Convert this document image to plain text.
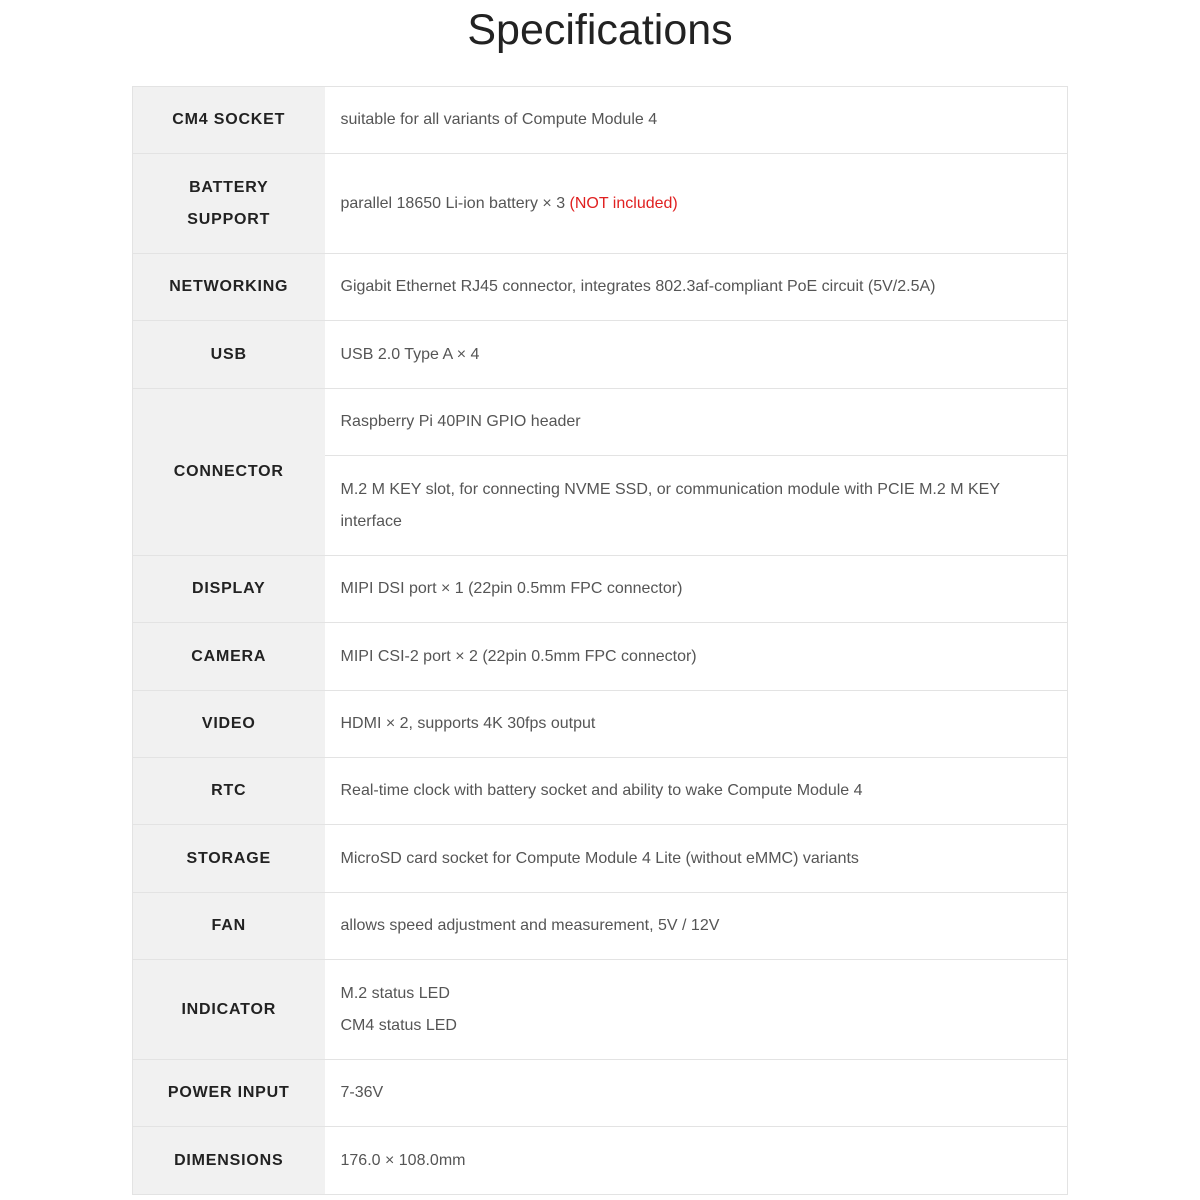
Specifications
CM4 SOCKET	suitable for all variants of Compute Module 4

BATTERY
SUPPORT	parallel 18650 Li-ion battery × 3 (NOT included)
NETWORKING	Gigabit Ethernet RJ45 connector, integrates 802.3af-compliant PoE circuit (5V/2.5A)
USB	USB 2.0 Type A × 4
CONNECTOR	Raspberry Pi 40PIN GPIO header
	M.2 M KEY slot, for connecting NVME SSD, or communication module with PCIE M.2 M KEY interface
DISPLAY	MIPI DSI port × 1 (22pin 0.5mm FPC connector)
CAMERA	MIPI CSI-2 port × 2 (22pin 0.5mm FPC connector)
VIDEO	HDMI × 2, supports 4K 30fps output
RTC	Real-time clock with battery socket and ability to wake Compute Module 4
STORAGE	MicroSD card socket for Compute Module 4 Lite (without eMMC) variants
FAN	allows speed adjustment and measurement, 5V / 12V
INDICATOR	M.2 status LED
CM4 status LED

POWER INPUT	7-36V
DIMENSIONS	176.0 × 108.0mm
